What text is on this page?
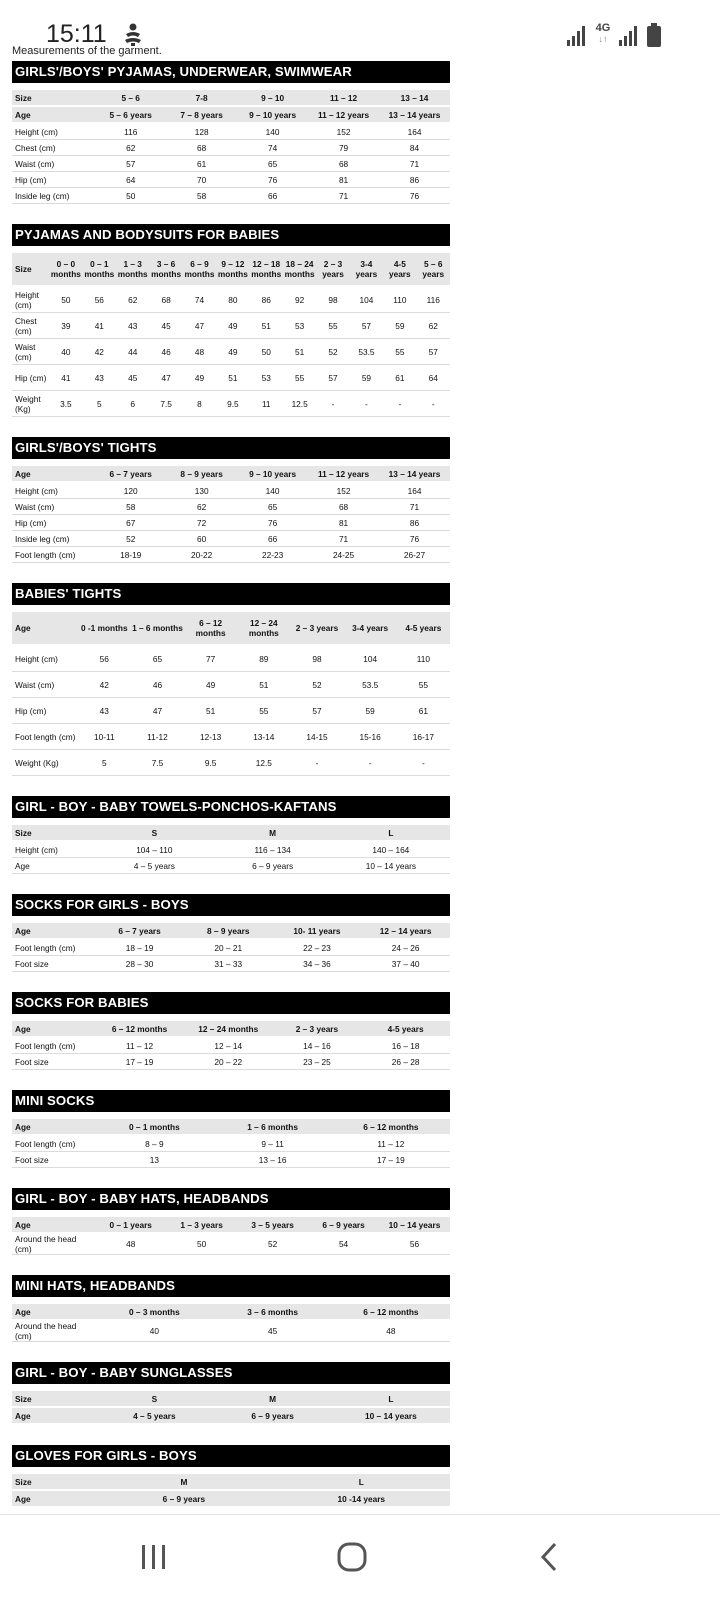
15:11	4G
↓↑
Measurements of the garment.
GIRLS'/BOYS' PYJAMAS, UNDERWEAR, SWIMWEAR
Size	5 – 6	7-8	9 – 10	11 – 12	13 – 14
Age	5 – 6 years	7 – 8 years	9 – 10 years	11 – 12 years	13 – 14 years
Height (cm)	116	128	140	152	164
Chest (cm)	62	68	74	79	84
Waist (cm)	57	61	65	68	71
Hip (cm)	64	70	76	81	86
Inside leg (cm)	50	58	66	71	76
PYJAMAS AND BODYSUITS FOR BABIES
Size	0 – 0 months	0 – 1 months	1 – 3 months	3 – 6 months	6 – 9 months	9 – 12 months	12 – 18 months	18 – 24 months	2 – 3 years	3-4 years	4-5 years	5 – 6 years
Height (cm)	50	56	62	68	74	80	86	92	98	104	110	116
Chest (cm)	39	41	43	45	47	49	51	53	55	57	59	62
Waist (cm)	40	42	44	46	48	49	50	51	52	53.5	55	57
Hip (cm)	41	43	45	47	49	51	53	55	57	59	61	64
Weight (Kg)	3.5	5	6	7.5	8	9.5	11	12.5	-	-	-	-
GIRLS'/BOYS' TIGHTS
Age	6 – 7 years	8 – 9 years	9 – 10 years	11 – 12 years	13 – 14 years
Height (cm)	120	130	140	152	164
Waist (cm)	58	62	65	68	71
Hip (cm)	67	72	76	81	86
Inside leg (cm)	52	60	66	71	76
Foot length (cm)	18-19	20-22	22-23	24-25	26-27
BABIES' TIGHTS
Age	0 -1 months	1 – 6 months	6 – 12 months	12 – 24 months	2 – 3 years	3-4 years	4-5 years
Height (cm)	56	65	77	89	98	104	110
Waist (cm)	42	46	49	51	52	53.5	55
Hip (cm)	43	47	51	55	57	59	61
Foot length (cm)	10-11	11-12	12-13	13-14	14-15	15-16	16-17
Weight (Kg)	5	7.5	9.5	12.5	-	-	-
GIRL - BOY - BABY TOWELS-PONCHOS-KAFTANS
Size	S	M	L
Height (cm)	104 – 110	116 – 134	140 – 164
Age	4 – 5 years	6 – 9 years	10 – 14 years
SOCKS FOR GIRLS - BOYS
Age	6 – 7 years	8 – 9 years	10- 11 years	12 – 14 years
Foot length (cm)	18 – 19	20 – 21	22 – 23	24 – 26
Foot size	28 – 30	31 – 33	34 – 36	37 – 40
SOCKS FOR BABIES
Age	6 – 12 months	12 – 24 months	2 – 3 years	4-5 years
Foot length (cm)	11 – 12	12 – 14	14 – 16	16 – 18
Foot size	17 – 19	20 – 22	23 – 25	26 – 28
MINI SOCKS
Age	0 – 1 months	1 – 6 months	6 – 12 months
Foot length (cm)	8 – 9	9 – 11	11 – 12
Foot size	13	13 – 16	17 – 19
GIRL - BOY - BABY HATS, HEADBANDS
Age	0 – 1 years	1 – 3 years	3 – 5 years	6 – 9 years	10 – 14 years
Around the head (cm)	48	50	52	54	56
MINI HATS, HEADBANDS
Age	0 – 3 months	3 – 6 months	6 – 12 months
Around the head (cm)	40	45	48
GIRL - BOY - BABY SUNGLASSES
Size	S	M	L
Age	4 – 5 years	6 – 9 years	10 – 14 years
GLOVES FOR GIRLS - BOYS
Size	M	L
Age	6 – 9 years	10 -14 years
